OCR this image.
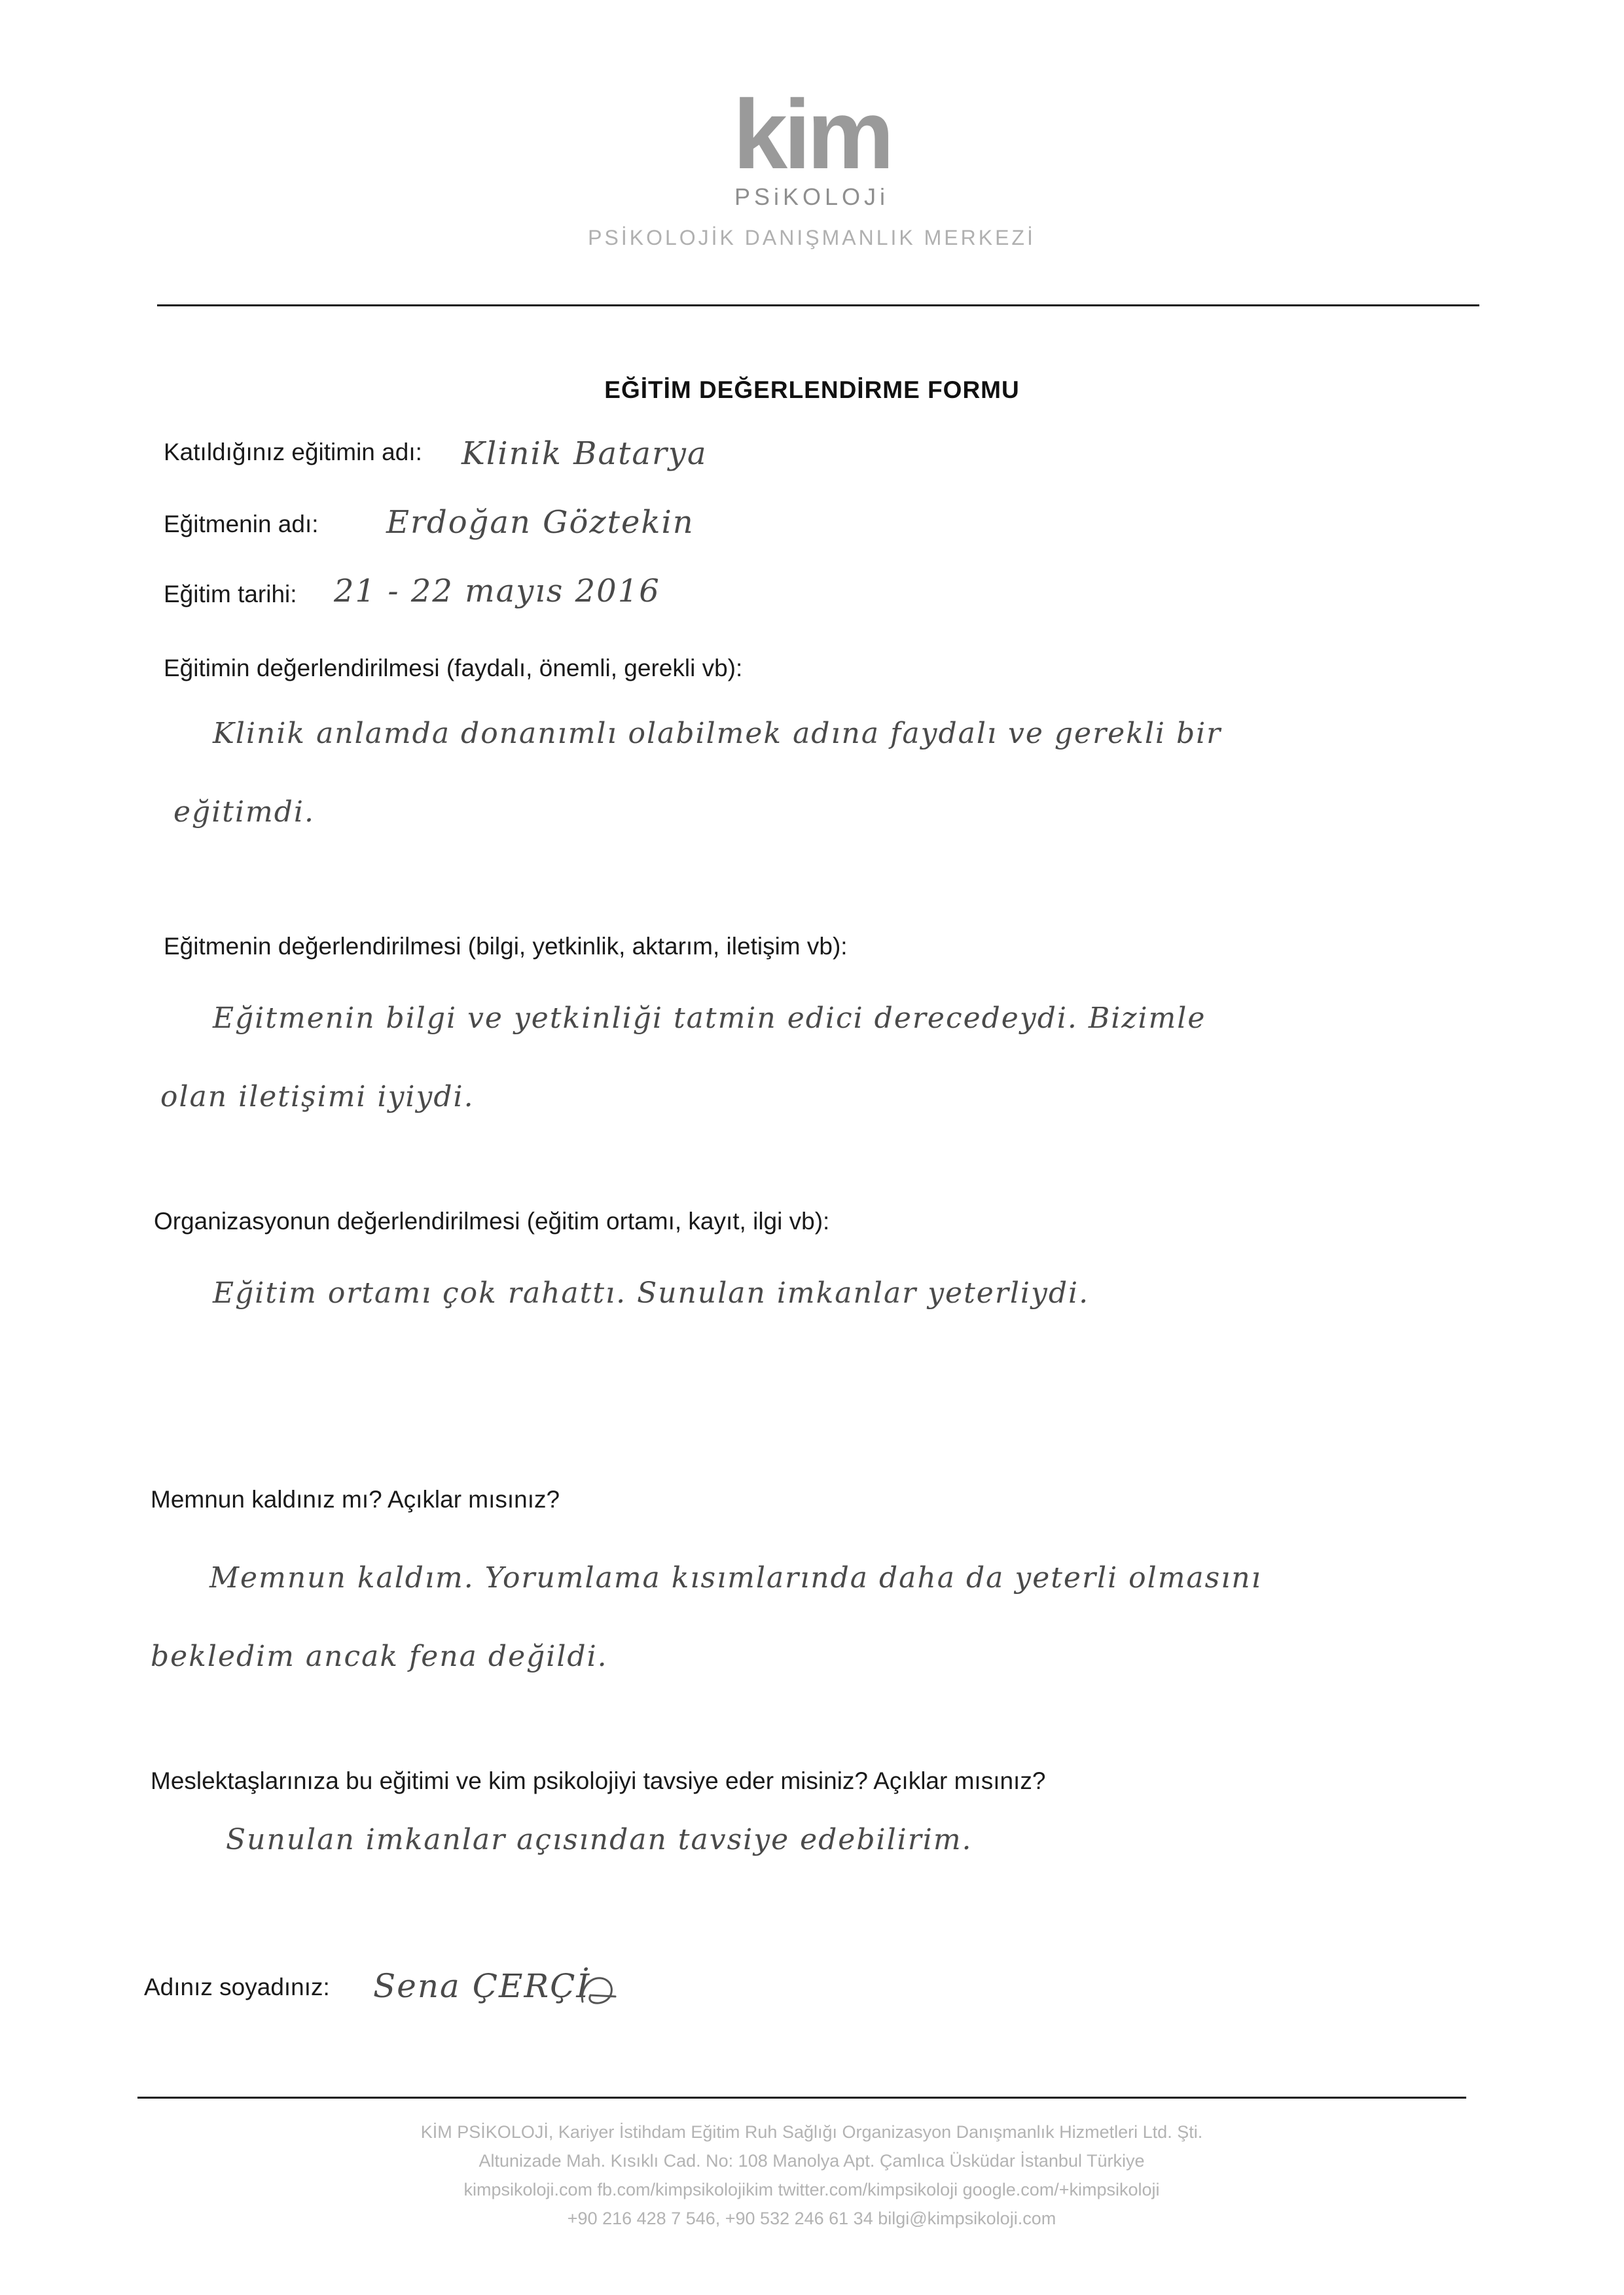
kim
PSiKOLOJi
PSİKOLOJİK DANIŞMANLIK MERKEZİ
EĞİTİM DEĞERLENDİRME FORMU
Katıldığınız eğitimin adı: Klinik Batarya
Eğitmenin adı: Erdoğan Göztekin
Eğitim tarihi: 21 - 22 mayıs 2016
Eğitimin değerlendirilmesi (faydalı, önemli, gerekli vb):
Klinik anlamda donanımlı olabilmek adına faydalı ve gerekli bir
eğitimdi.
Eğitmenin değerlendirilmesi (bilgi, yetkinlik, aktarım, iletişim vb):
Eğitmenin bilgi ve yetkinliği tatmin edici derecedeydi. Bizimle
olan iletişimi iyiydi.
Organizasyonun değerlendirilmesi (eğitim ortamı, kayıt, ilgi vb):
Eğitim ortamı çok rahattı. Sunulan imkanlar yeterliydi.
Memnun kaldınız mı? Açıklar mısınız?
Memnun kaldım. Yorumlama kısımlarında daha da yeterli olmasını
bekledim ancak fena değildi.
Meslektaşlarınıza bu eğitimi ve kim psikolojiyi tavsiye eder misiniz? Açıklar mısınız?
Sunulan imkanlar açısından tavsiye edebilirim.
Adınız soyadınız: Sena ÇERÇİ
KİM PSİKOLOJİ, Kariyer İstihdam Eğitim Ruh Sağlığı Organizasyon Danışmanlık Hizmetleri Ltd. Şti.
Altunizade Mah. Kısıklı Cad. No: 108 Manolya Apt. Çamlıca Üsküdar İstanbul Türkiye
kimpsikoloji.com fb.com/kimpsikolojikim twitter.com/kimpsikoloji google.com/+kimpsikoloji
+90 216 428 7 546, +90 532 246 61 34 bilgi@kimpsikoloji.com
